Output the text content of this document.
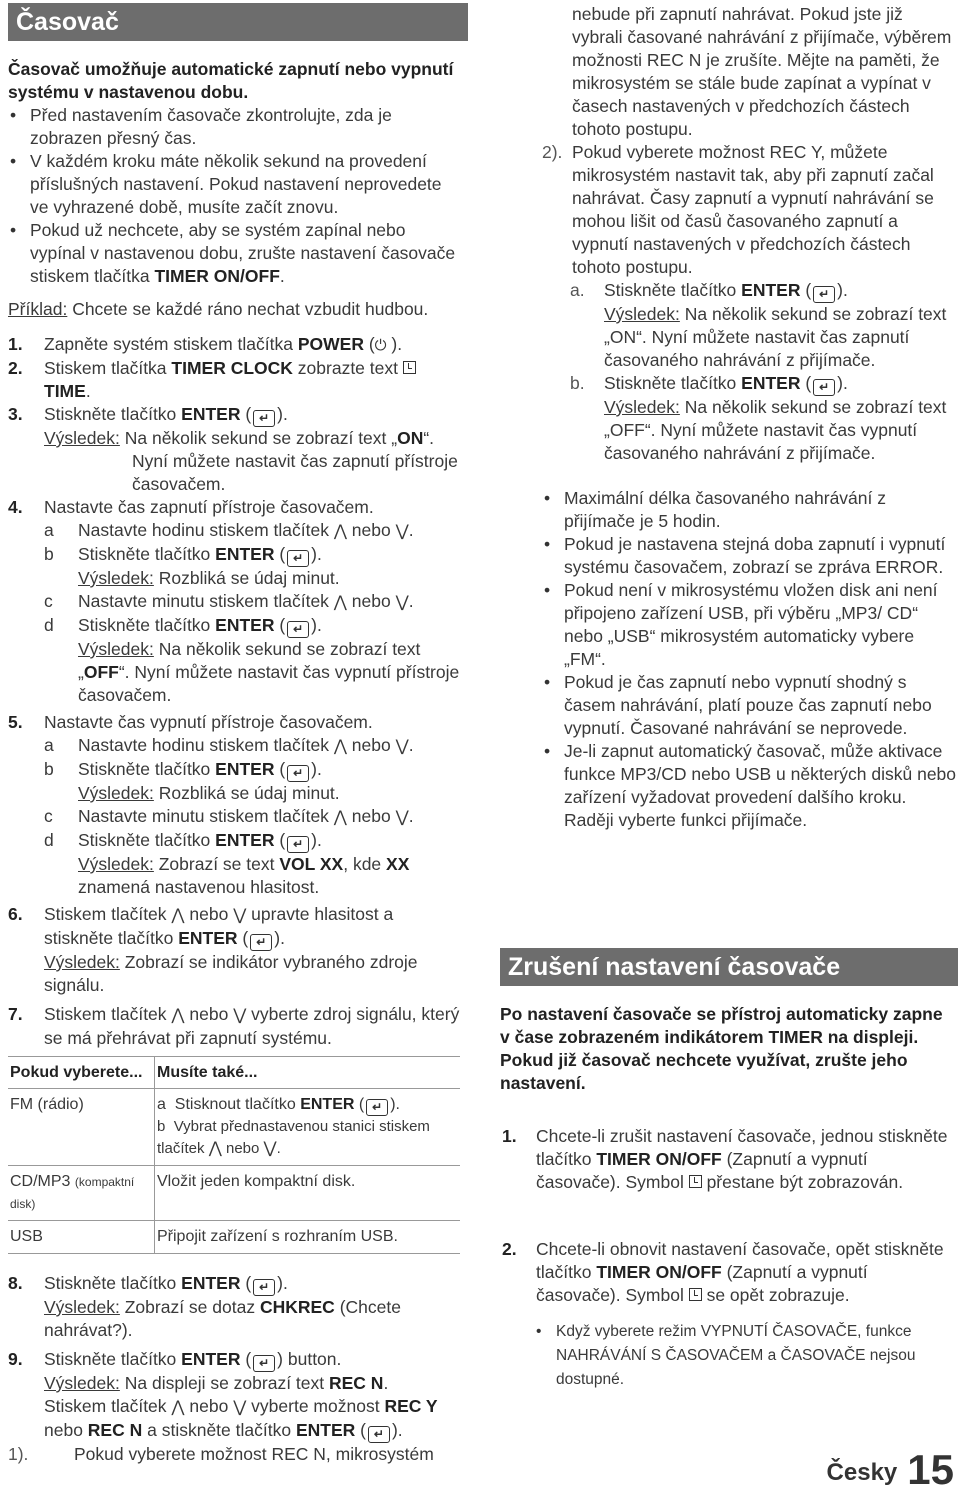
Časovač
Časovač umožňuje automatické zapnutí nebo vypnutí systému v nastavenou dobu.
• Před nastavením časovače zkontrolujte, zda je zobrazen přesný čas.
• V každém kroku máte několik sekund na provedení příslušných nastavení. Pokud nastavení neprovedete ve vyhrazené době, musíte začít znovu.
• Pokud už nechcete, aby se systém zapínal nebo vypínal v nastavenou dobu, zrušte nastavení časovače stiskem tlačítka TIMER ON/OFF.
Příklad: Chcete se každé ráno nechat vzbudit hudbou.
1.	Zapněte systém stiskem tlačítka POWER (⏻ ).
2.	Stiskem tlačítka TIMER CLOCK zobrazte text
TIME.
3.	Stiskněte tlačítko ENTER ( ↵ ).
Výsledek: Na několik sekund se zobrazí text „ON“.
Nyní můžete nastavit čas zapnutí přístroje časovačem.
4.	Nastavte čas zapnutí přístroje časovačem.
a Nastavte hodinu stiskem tlačítek ⋀ nebo ⋁.
b Stiskněte tlačítko ENTER ( ↵ ).
Výsledek: Rozbliká se údaj minut.
c Nastavte minutu stiskem tlačítek ⋀ nebo ⋁.
d Stiskněte tlačítko ENTER ( ↵ ).
Výsledek: Na několik sekund se zobrazí text „OFF“. Nyní můžete nastavit čas vypnutí přístroje časovačem.
5.	Nastavte čas vypnutí přístroje časovačem.
a Nastavte hodinu stiskem tlačítek ⋀ nebo ⋁.
b Stiskněte tlačítko ENTER ( ↵ ).
Výsledek: Rozbliká se údaj minut.
c Nastavte minutu stiskem tlačítek ⋀ nebo ⋁.
d Stiskněte tlačítko ENTER ( ↵ ).
Výsledek: Zobrazí se text VOL XX, kde XX znamená nastavenou hlasitost.
6.	Stiskem tlačítek ⋀ nebo ⋁ upravte hlasitost a stiskněte tlačítko ENTER ( ↵ ).
Výsledek: Zobrazí se indikátor vybraného zdroje signálu.
7.	Stiskem tlačítek ⋀ nebo ⋁ vyberte zdroj signálu, který se má přehrávat při zapnutí systému.
Pokud vyberete...	Musíte také...
FM (rádio)	a Stisknout tlačítko ENTER ( ↵ ).
b Vybrat přednastavenou stanici stiskem tlačítek ⋀ nebo ⋁.

CD/MP3 (kompaktní disk)	Vložit jeden kompaktní disk.
USB	Připojit zařízení s rozhraním USB.
8.	Stiskněte tlačítko ENTER ( ↵ ).
Výsledek: Zobrazí se dotaz CHKREC (Chcete nahrávat?).
9.	Stiskněte tlačítko ENTER ( ↵ ) button.
Výsledek: Na displeji se zobrazí text REC N.
Stiskem tlačítek ⋀ nebo ⋁ vyberte možnost REC Y nebo REC N a stiskněte tlačítko ENTER ( ↵ ).
1).	Pokud vyberete možnost REC N, mikrosystém
nebude při zapnutí nahrávat. Pokud jste již vybrali časované nahrávání z přijímače, výběrem možnosti REC N je zrušíte. Mějte na paměti, že mikrosystém se stále bude zapínat a vypínat v časech nastavených v předchozích částech tohoto postupu.
2). Pokud vyberete možnost REC Y, můžete mikrosystém nastavit tak, aby při zapnutí začal nahrávat. Časy zapnutí a vypnutí nahrávání se mohou lišit od časů časovaného zapnutí a vypnutí nastavených v předchozích částech tohoto postupu.
a.	Stiskněte tlačítko ENTER ( ↵ ).
Výsledek: Na několik sekund se zobrazí text „ON“. Nyní můžete nastavit čas zapnutí časovaného nahrávání z přijímače.
b.	Stiskněte tlačítko ENTER ( ↵ ).
Výsledek: Na několik sekund se zobrazí text „OFF“. Nyní můžete nastavit čas vypnutí časovaného nahrávání z přijímače.
• Maximální délka časovaného nahrávání z přijímače je 5 hodin.
• Pokud je nastavena stejná doba zapnutí i vypnutí systému časovačem, zobrazí se zpráva ERROR.
• Pokud není v mikrosystému vložen disk ani není připojeno zařízení USB, při výběru „MP3/ CD“ nebo „USB“ mikrosystém automaticky vybere „FM“.
• Pokud je čas zapnutí nebo vypnutí shodný s časem nahrávání, platí pouze čas zapnutí nebo vypnutí. Časované nahrávání se neprovede.
• Je-li zapnut automatický časovač, může aktivace funkce MP3/CD nebo USB u některých disků nebo zařízení vyžadovat provedení dalšího kroku. Raději vyberte funkci přijímače.
Zrušení nastavení časovače
Po nastavení časovače se přístroj automaticky zapne v čase zobrazeném indikátorem TIMER na displeji. Pokud již časovač nechcete využívat, zrušte jeho nastavení.
1.	Chcete-li zrušit nastavení časovače, jednou stiskněte tlačítko TIMER ON/OFF (Zapnutí a vypnutí časovače). Symbol  přestane být zobrazován.
2.	Chcete-li obnovit nastavení časovače, opět stiskněte tlačítko TIMER ON/OFF (Zapnutí a vypnutí časovače). Symbol  se opět zobrazuje.
• Když vyberete režim VYPNUTÍ ČASOVAČE, funkce NAHRÁVÁNÍ S ČASOVAČEM a ČASOVAČE nejsou dostupné.
Česky 15
